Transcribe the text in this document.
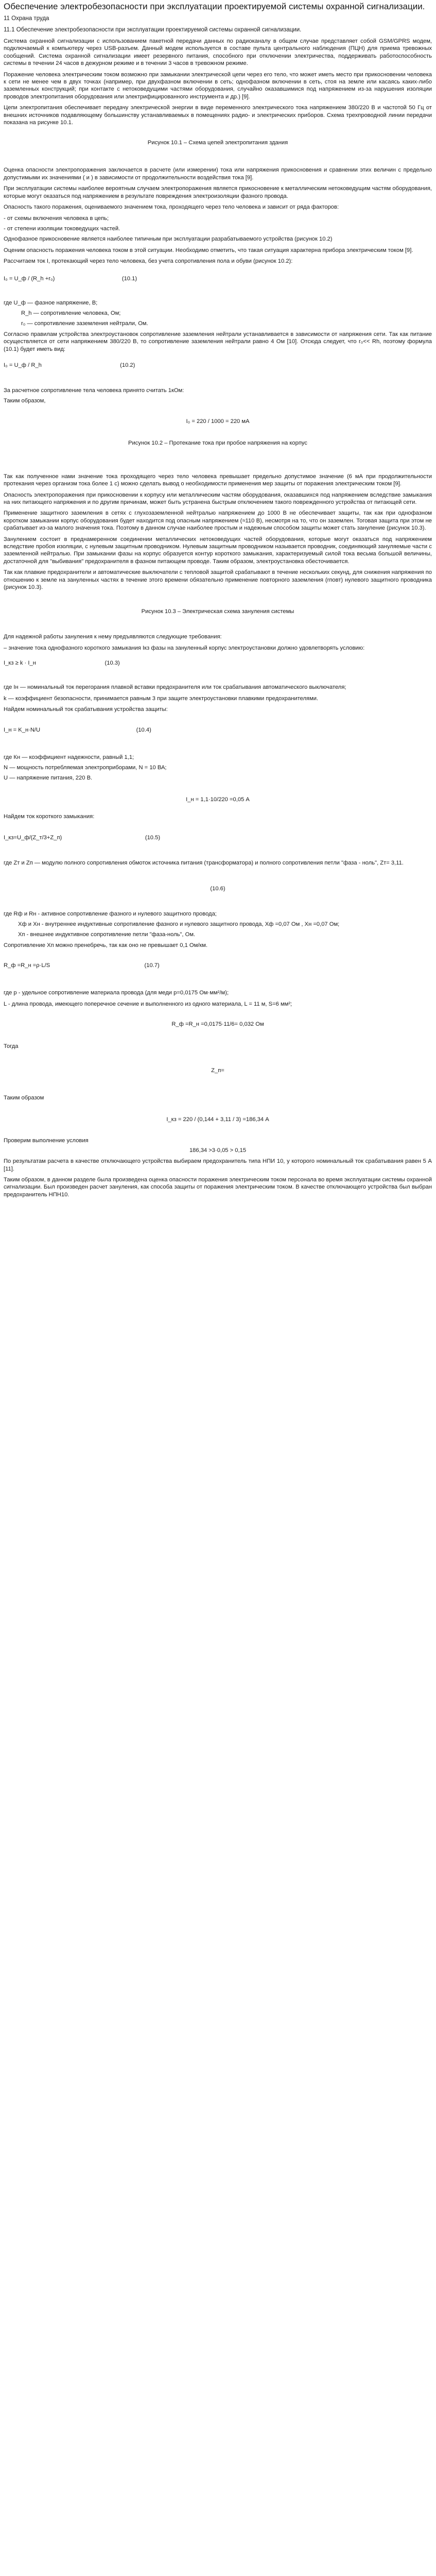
Обеспечение электробезопасности при эксплуатации проектируемой системы охранной сигнализации.
11 Охрана труда
11.1 Обеспечение электробезопасности при эксплуатации проектируемой системы охранной сигнализации.

Система охранной сигнализации с использованием пакетной передачи данных по радиоканалу в общем случае представляет собой GSM/GPRS модем, подключаемый к компьютеру через USB-разъем. Данный модем используется в составе пульта центрального наблюдения (ПЦН) для приема тревожных сообщений. Система охранной сигнализации имеет резервного питания, способного при отключении электричества, поддерживать работоспособность системы в течении 24 часов в дежурном режиме и в течении 3 часов в тревожном режиме.

Поражение человека электрическим током возможно при замыкании электрической цепи через его тело, что может иметь место при прикосновении человека к сети не менее чем в двух точках (например, при двухфазном включении в сеть; однофазном включении в сеть, стоя на земле или касаясь каких-либо заземленных конструкций; при контакте с нетоковедущими частями оборудования, случайно оказавшимися под напряжением из-за нарушения изоляции проводов электропитания оборудования или электрифицированного инструмента и др.) [9].

Цепи электропитания обеспечивает передачу электрической энергии в виде переменного электрического тока напряжением 380/220 В и частотой 50 Гц от внешних источников подавляющему большинству устанавливаемых в помещениях радио- и электрических приборов. Схема трехпроводной линии передачи показана на рисунке 10.1.

Рисунок 10.1 – Схема цепей электропитания здания

Оценка опасности электропоражения заключается в расчете (или измерении) тока или напряжения прикосновения и сравнении этих величин с предельно допустимыми их значениями ( и ) в зависимости от продолжительности воздействия тока [9].

При эксплуатации системы наиболее вероятным случаем электропоражения является прикосновение к металлическим нетоковедущим частям оборудования, которые могут оказаться под напряжением в результате повреждения электроизоляции фазного провода.

Опасность такого поражения, оцениваемого значением тока, проходящего через тело человека и зависит от ряда факторов:

- от схемы включения человека в цепь;
- от степени изоляции токоведущих частей.

Однофазное прикосновение является наиболее типичным при эксплуатации разрабатываемого устройства (рисунок 10.2)

Оценим опасность поражения человека током в этой ситуации. Необходимо отметить, что такая ситуация характерна прибора электрическим током [9].

Рассчитаем ток I, протекающий через тело человека, без учета сопротивления пола и обуви (рисунок 10.2):

I₀ = U_ф / (R_h +r₀)                                          (10.1)
где U_ф — фазное напряжение, В;
R_h — сопротивление человека, Ом;
r₀ — сопротивление заземления нейтрали, Ом.

Согласно правилам устройства электроустановок сопротивление заземления нейтрали устанавливается в зависимости от напряжения сети. Так как питание осуществляется от сети напряжением 380/220 В, то сопротивление заземления нейтрали равно 4 Ом [10]. Отсюда следует, что r₀<< Rh, поэтому формула (10.1) будет иметь вид:

I₀ = U_ф / R_h                                                 (10.2)
За расчетное сопротивление тела человека принято считать 1кОм:
Таким образом,
I₀ = 220 / 1000 = 220 мА
Рисунок 10.2 – Протекание тока при пробое напряжения на корпус

Так как полученное нами значение тока проходящего через тело человека превышает предельно допустимое значение (6 мА при продолжительности протекания через организм тока более 1 с) можно сделать вывод о необходимости применения мер защиты от поражения электрическим током [9].

Опасность электропоражения при прикосновении к корпусу или металлическим частям оборудования, оказавшихся под напряжением вследствие замыкания на них питающего напряжения и по другим причинам, может быть устранена быстрым отключением такого поврежденного устройства от питающей сети.

Применение защитного заземления в сетях с глухозаземленной нейтралью напряжением до 1000 В не обеспечивает защиты, так как при однофазном коротком замыкании корпус оборудования будет находится под опасным напряжением (≈110 В), несмотря на то, что он заземлен. Тоговая защита при этом не срабатывает из-за малого значения тока. Поэтому в данном случае наиболее простым и надежным способом защиты может стать зануление (рисунок 10.3).

Занулением состоит в преднамеренном соединении металлических нетоковедущих частей оборудования, которые могут оказаться под напряжением вследствие пробоя изоляции, с нулевым защитным проводником. Нулевым защитным проводником называется проводник, соединяющий зануляемые части с заземленной нейтралью. При замыкании фазы на корпус образуется контур короткого замыкания, характеризуемый силой тока весьма большой величины, достаточной для "выбивания" предохранителя в фазном питающем проводе. Таким образом, электроустановка обесточивается.

Так как плавкие предохранители и автоматические выключатели с тепловой защитой срабатывают в течение нескольких секунд, для снижения напряжения по отношению к земле на зануленных частях в течение этого времени обязательно применение повторного заземления (rповт) нулевого защитного проводника (рисунок 10.3).

Рисунок 10.3 – Электрическая схема зануления системы

Для надежной работы зануления к нему предъявляются следующие требования:

– значение тока однофазного короткого замыкания Iкз фазы на зануленный корпус электроустановки должно удовлетворять условию:

I_кз ≥ k · I_н                                           (10.3)

где Iн — номинальный ток перегорания плавкой вставки предохранителя или ток срабатывания автоматического выключателя;

k — коэффициент безопасности, принимается равным 3 при защите электроустановки плавкими предохранителями.

Найдем номинальный ток срабатывания устройства защиты:

I_н = K_н·N/U                                                            (10.4)
где Кн — коэффициент надежности, равный 1,1;
N — мощность потребляемая электроприборами, N = 10 ВА;
U — напряжение питания, 220 В.
I_н = 1,1·10/220 =0,05 А
Найдем ток короткого замыкания:
I_кз=U_ф/(Z_т/3+Z_п)                                                    (10.5)

где Zт и Zп — модулю полного сопротивления обмоток источника питания (трансформатора) и полного сопротивления петли "фаза - ноль", Zт= 3,11.

(10.6)
где Rф и Rн - активное сопротивление фазного и нулевого защитного провода;
Xф и Xн - внутреннее индуктивные сопротивление фазного и нулевого защитного провода, Xф =0,07 Ом , Xн =0,07 Ом;
Xп - внешнее индуктивное сопротивление петли "фаза-ноль", Ом.
Сопротивление Xп можно пренебречь, так как оно не превышает 0,1 Ом/км.
R_ф =R_н =ρ·L/S                                                           (10.7)

где p - удельное сопротивление материала провода (для меди p=0,0175 Ом·мм²/м);

L - длина провода, имеющего поперечное сечение и выполненного из одного материала, L = 11 м, S=6 мм²;

R_ф =R_н =0,0175·11/6= 0,032 Ом
Тогда
Z_п=
Таким образом
I_кз = 220 / (0,144 + 3,11 / 3) =186,34 А
Проверим выполнение условия
186,34 >3·0,05 > 0,15

По результатам расчета в качестве отключающего устройства выбираем предохранитель типа НПИ 10, у которого номинальный ток срабатывания равен 5 А [11].

Таким образом, в данном разделе была произведена оценка опасности поражения электрическим током персонала во время эксплуатации системы охранной сигнализации. Был произведен расчет зануления, как способа защиты от поражения электрическим током. В качестве отключающего устройства был выбран предохранитель НПН10.
